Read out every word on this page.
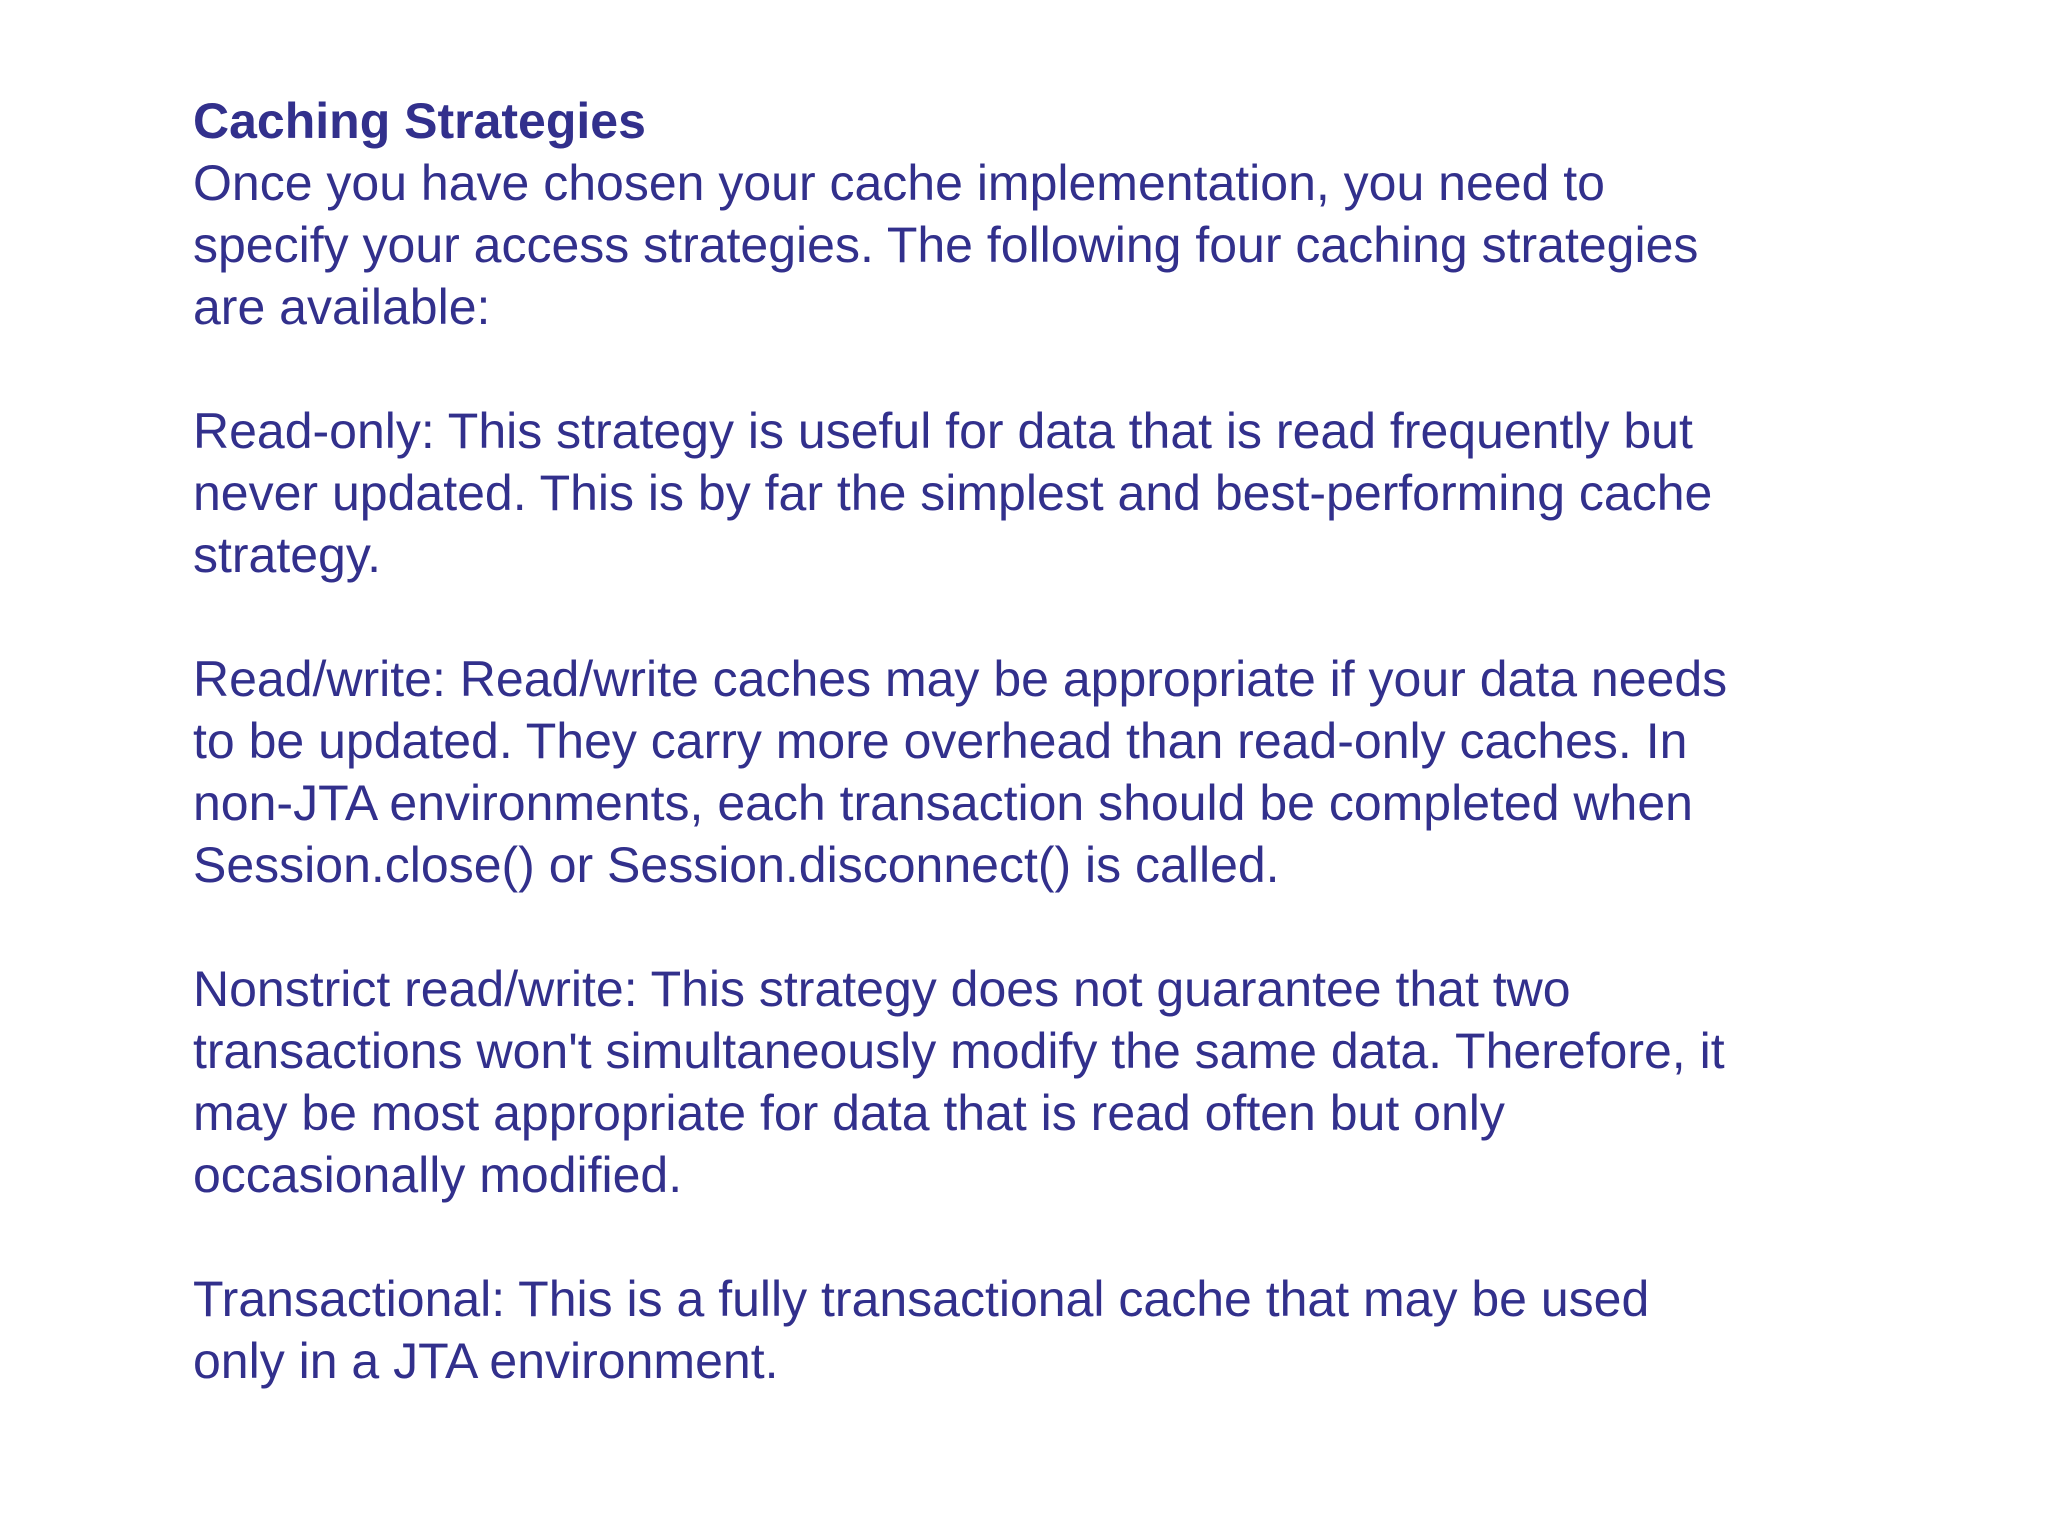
Caching Strategies

Once you have chosen your cache implementation, you need to

specify your access strategies. The following four caching strategies

are available:

Read-only: This strategy is useful for data that is read frequently but

never updated. This is by far the simplest and best-performing cache

strategy.

Read/write: Read/write caches may be appropriate if your data needs

to be updated. They carry more overhead than read-only caches. In

non-JTA environments, each transaction should be completed when

Session.close() or Session.disconnect() is called.

Nonstrict read/write: This strategy does not guarantee that two

transactions won't simultaneously modify the same data. Therefore, it

may be most appropriate for data that is read often but only

occasionally modified.

Transactional: This is a fully transactional cache that may be used

only in a JTA environment.
